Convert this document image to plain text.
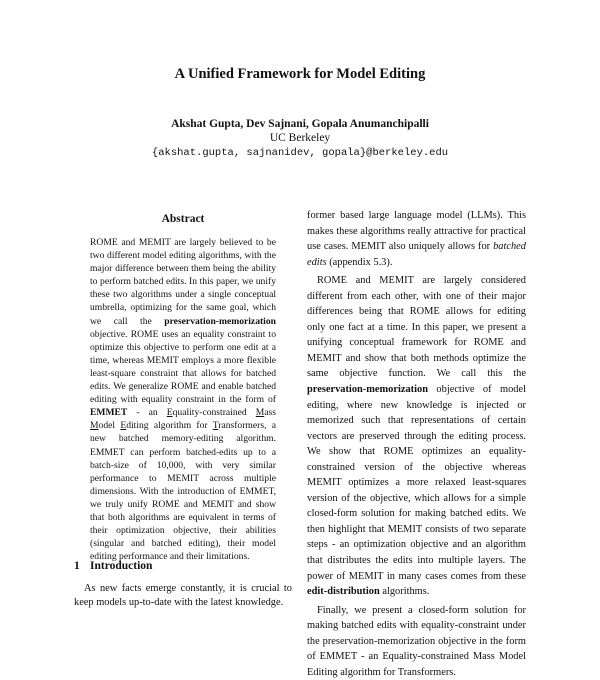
A Unified Framework for Model Editing
Akshat Gupta, Dev Sajnani, Gopala Anumanchipalli
UC Berkeley
{akshat.gupta, sajnanidev, gopala}@berkeley.edu
Abstract
ROME and MEMIT are largely believed to be two different model editing algorithms, with the major difference between them being the ability to perform batched edits. In this paper, we unify these two algorithms under a single conceptual umbrella, optimizing for the same goal, which we call the preservation-memorization objective. ROME uses an equality constraint to optimize this objective to perform one edit at a time, whereas MEMIT employs a more flexible least-square constraint that allows for batched edits. We generalize ROME and enable batched editing with equality constraint in the form of EMMET - an Equality-constrained Mass Model Editing algorithm for Transformers, a new batched memory-editing algorithm. EMMET can perform batched-edits up to a batch-size of 10,000, with very similar performance to MEMIT across multiple dimensions. With the introduction of EMMET, we truly unify ROME and MEMIT and show that both algorithms are equivalent in terms of their optimization objective, their abilities (singular and batched editing), their model editing performance and their limitations.
1 Introduction
As new facts emerge constantly, it is crucial to keep models up-to-date with the latest knowledge.

former based large language model (LLMs). This makes these algorithms really attractive for practical use cases. MEMIT also uniquely allows for batched edits (appendix 5.3).

ROME and MEMIT are largely considered different from each other, with one of their major differences being that ROME allows for editing only one fact at a time. In this paper, we present a unifying conceptual framework for ROME and MEMIT and show that both methods optimize the same objective function. We call this the preservation-memorization objective of model editing, where new knowledge is injected or memorized such that representations of certain vectors are preserved through the editing process. We show that ROME optimizes an equality-constrained version of the objective whereas MEMIT optimizes a more relaxed least-squares version of the objective, which allows for a simple closed-form solution for making batched edits. We then highlight that MEMIT consists of two separate steps - an optimization objective and an algorithm that distributes the edits into multiple layers. The power of MEMIT in many cases comes from these edit-distribution algorithms.

Finally, we present a closed-form solution for making batched edits with equality-constraint under the preservation-memorization objective in the form of EMMET - an Equality-constrained Mass Model Editing algorithm for Transformers.
